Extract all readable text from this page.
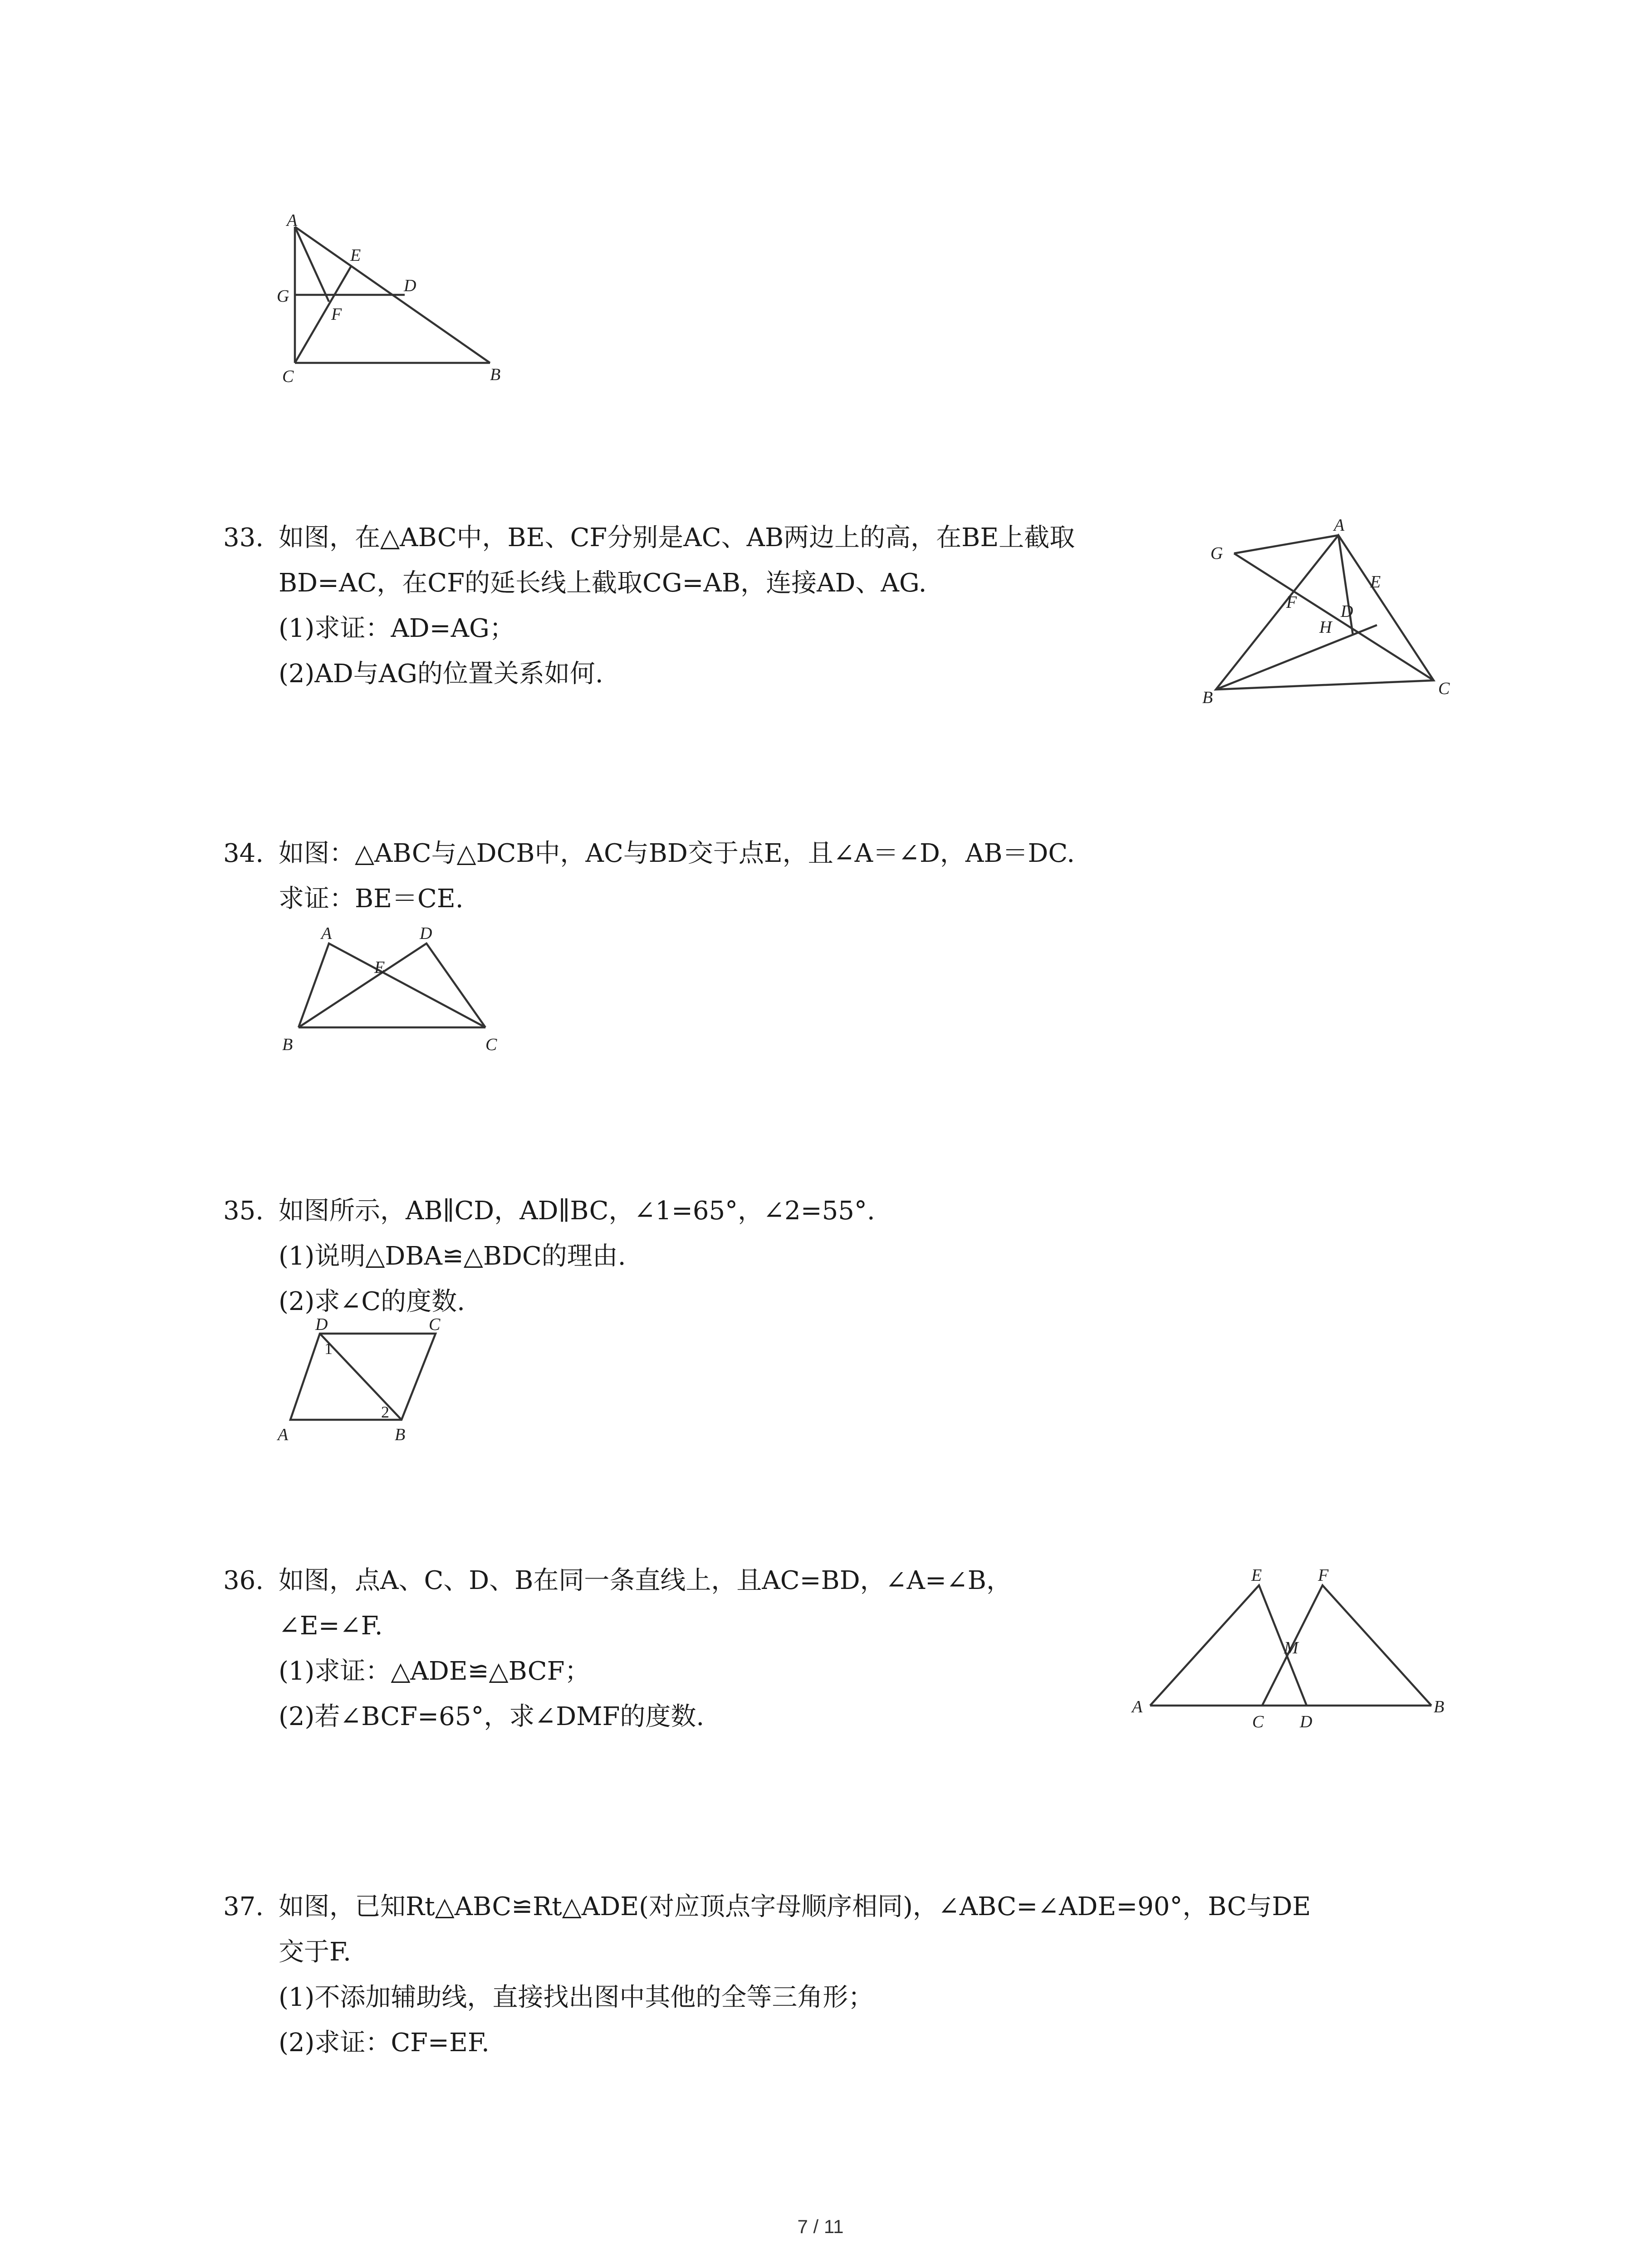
A
E
G
D
F
C	B

33. 如图，在△ABC中，BE、CF分别是AC、AB两边上的高，在BE上截取

BD=AC，在CF的延长线上截取CG=AB，连接AD、AG.

(1)求证：AD=AG；

(2)AD与AG的位置关系如何.

G
A
E
F	D
H
B	C

34. 如图：△ABC与△DCB中，AC与BD交于点E，且∠A＝∠D，AB＝DC.

求证：BE＝CE.

A	D
E
B	C

35. 如图所示，AB∥CD，AD∥BC，∠1=65°，∠2=55°.

(1)说明△DBA≌△BDC的理由.

(2)求∠C的度数.

D	C
1
2
A	B

36. 如图，点A、C、D、B在同一条直线上，且AC=BD，∠A=∠B，

∠E=∠F.

(1)求证：△ADE≌△BCF；

(2)若∠BCF=65°，求∠DMF的度数.

E	F
M
A
C D
B

37. 如图，已知Rt△ABC≌Rt△ADE(对应顶点字母顺序相同)，∠ABC=∠ADE=90°，BC与DE

交于F.

(1)不添加辅助线，直接找出图中其他的全等三角形；

(2)求证：CF=EF.

7 / 11
